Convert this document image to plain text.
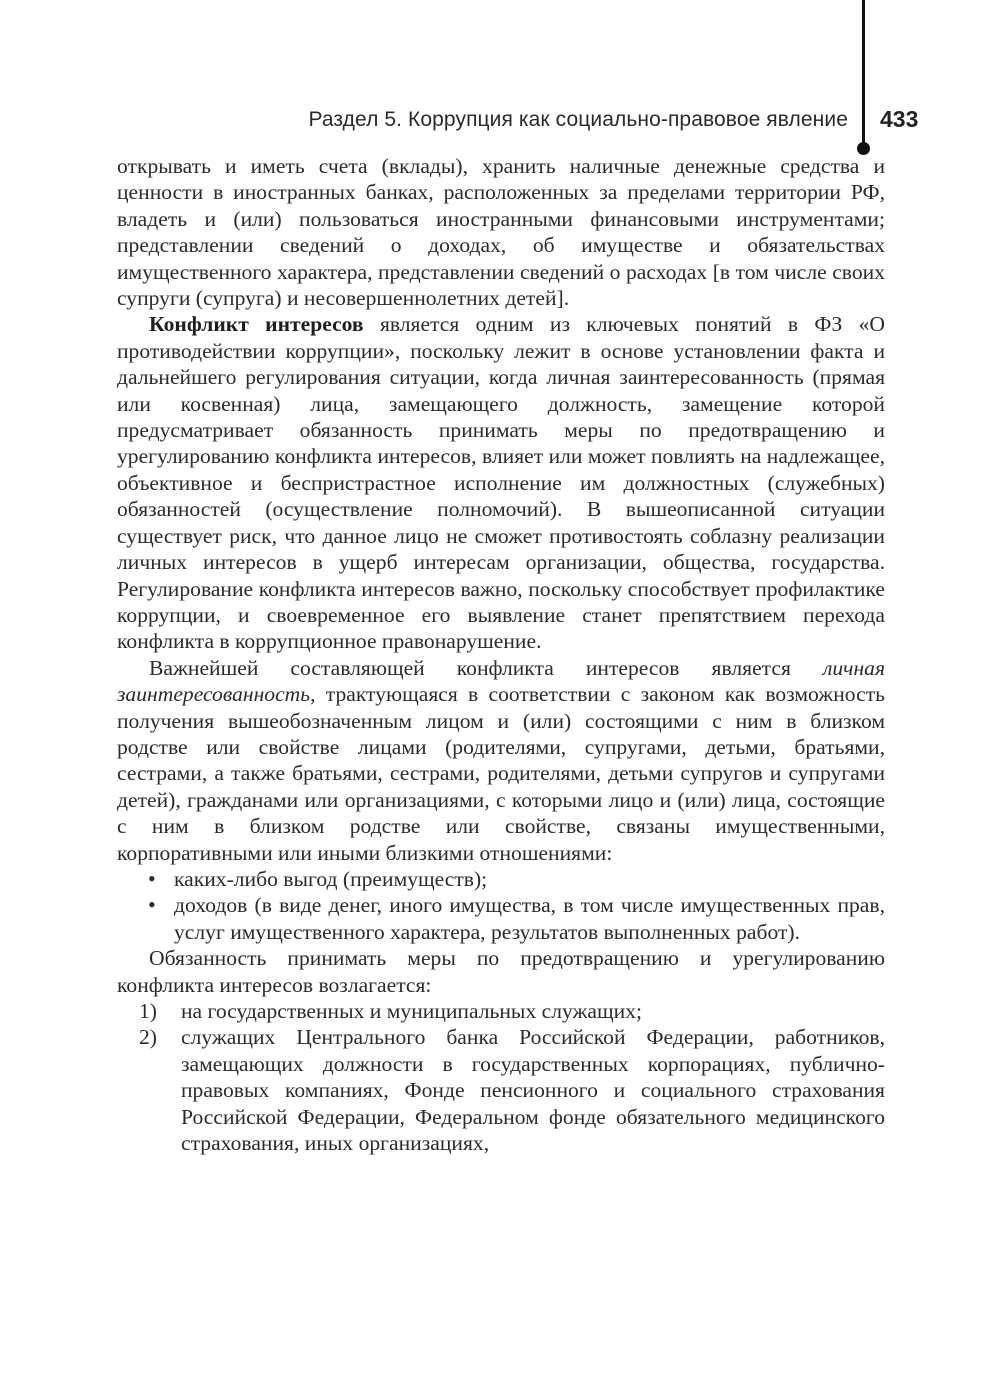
Раздел 5. Коррупция как социально-правовое явление 433

открывать и иметь счета (вклады), хранить наличные денежные средства и ценности в иностранных банках, расположенных за пределами территории РФ, владеть и (или) пользоваться иностранными финансовыми инструментами; представлении сведений о доходах, об имуществе и обязательствах имущественного характера, представлении сведений о расходах [в том числе своих супруги (супруга) и несовершеннолетних детей].

Конфликт интересов является одним из ключевых понятий в ФЗ «О противодействии коррупции», поскольку лежит в основе установлении факта и дальнейшего регулирования ситуации, когда личная заинтересованность (прямая или косвенная) лица, замещающего должность, замещение которой предусматривает обязанность принимать меры по предотвращению и урегулированию конфликта интересов, влияет или может повлиять на надлежащее, объективное и беспристрастное исполнение им должностных (служебных) обязанностей (осуществление полномочий). В вышеописанной ситуации существует риск, что данное лицо не сможет противостоять соблазну реализации личных интересов в ущерб интересам организации, общества, государства. Регулирование конфликта интересов важно, поскольку способствует профилактике коррупции, и своевременное его выявление станет препятствием перехода конфликта в коррупционное правонарушение.

Важнейшей составляющей конфликта интересов является личная заинтересованность, трактующаяся в соответствии с законом как возможность получения вышеобозначенным лицом и (или) состоящими с ним в близком родстве или свойстве лицами (родителями, супругами, детьми, братьями, сестрами, а также братьями, сестрами, родителями, детьми супругов и супругами детей), гражданами или организациями, с которыми лицо и (или) лица, состоящие с ним в близком родстве или свойстве, связаны имущественными, корпоративными или иными близкими отношениями:

• каких-либо выгод (преимуществ);
• доходов (в виде денег, иного имущества, в том числе имущественных прав, услуг имущественного характера, результатов выполненных работ).

Обязанность принимать меры по предотвращению и урегулированию конфликта интересов возлагается:

1) на государственных и муниципальных служащих;
2) служащих Центрального банка Российской Федерации, работников, замещающих должности в государственных корпорациях, публично-правовых компаниях, Фонде пенсионного и социального страхования Российской Федерации, Федеральном фонде обязательного медицинского страхования, иных организациях,
